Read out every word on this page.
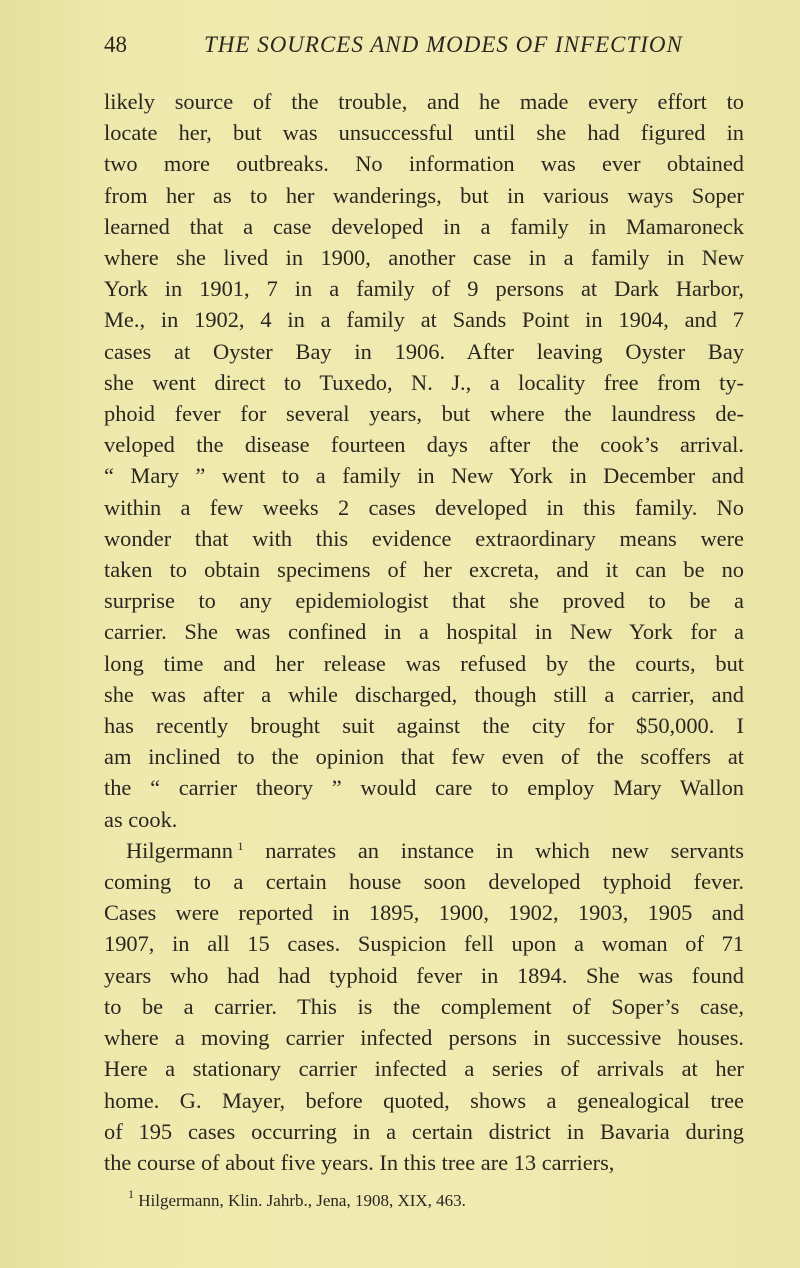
48	THE SOURCES AND MODES OF INFECTION
likely source of the trouble, and he made every effort to
locate her, but was unsuccessful until she had figured in
two more outbreaks. No information was ever obtained
from her as to her wanderings, but in various ways Soper
learned that a case developed in a family in Mamaroneck
where she lived in 1900, another case in a family in New
York in 1901, 7 in a family of 9 persons at Dark Harbor,
Me., in 1902, 4 in a family at Sands Point in 1904, and 7
cases at Oyster Bay in 1906. After leaving Oyster Bay
she went direct to Tuxedo, N. J., a locality free from ty-
phoid fever for several years, but where the laundress de-
veloped the disease fourteen days after the cook’s arrival.
“ Mary ” went to a family in New York in December and
within a few weeks 2 cases developed in this family. No
wonder that with this evidence extraordinary means were
taken to obtain specimens of her excreta, and it can be no
surprise to any epidemiologist that she proved to be a
carrier. She was confined in a hospital in New York for a
long time and her release was refused by the courts, but
she was after a while discharged, though still a carrier, and
has recently brought suit against the city for $50,000. I
am inclined to the opinion that few even of the scoffers at
the “ carrier theory ” would care to employ Mary Wallon
as cook.
Hilgermann  $^1$ narrates an instance in which new servants
coming to a certain house soon developed typhoid fever.
Cases were reported in 1895, 1900, 1902, 1903, 1905 and
1907, in all 15 cases. Suspicion fell upon a woman of 71
years who had had typhoid fever in 1894. She was found
to be a carrier. This is the complement of Soper’s case,
where a moving carrier infected persons in successive houses.
Here a stationary carrier infected a series of arrivals at her
home. G. Mayer, before quoted, shows a genealogical tree
of 195 cases occurring in a certain district in Bavaria during
the course of about five years. In this tree are 13 carriers,
$^1$ Hilgermann, Klin. Jahrb., Jena, 1908, XIX, 463.
